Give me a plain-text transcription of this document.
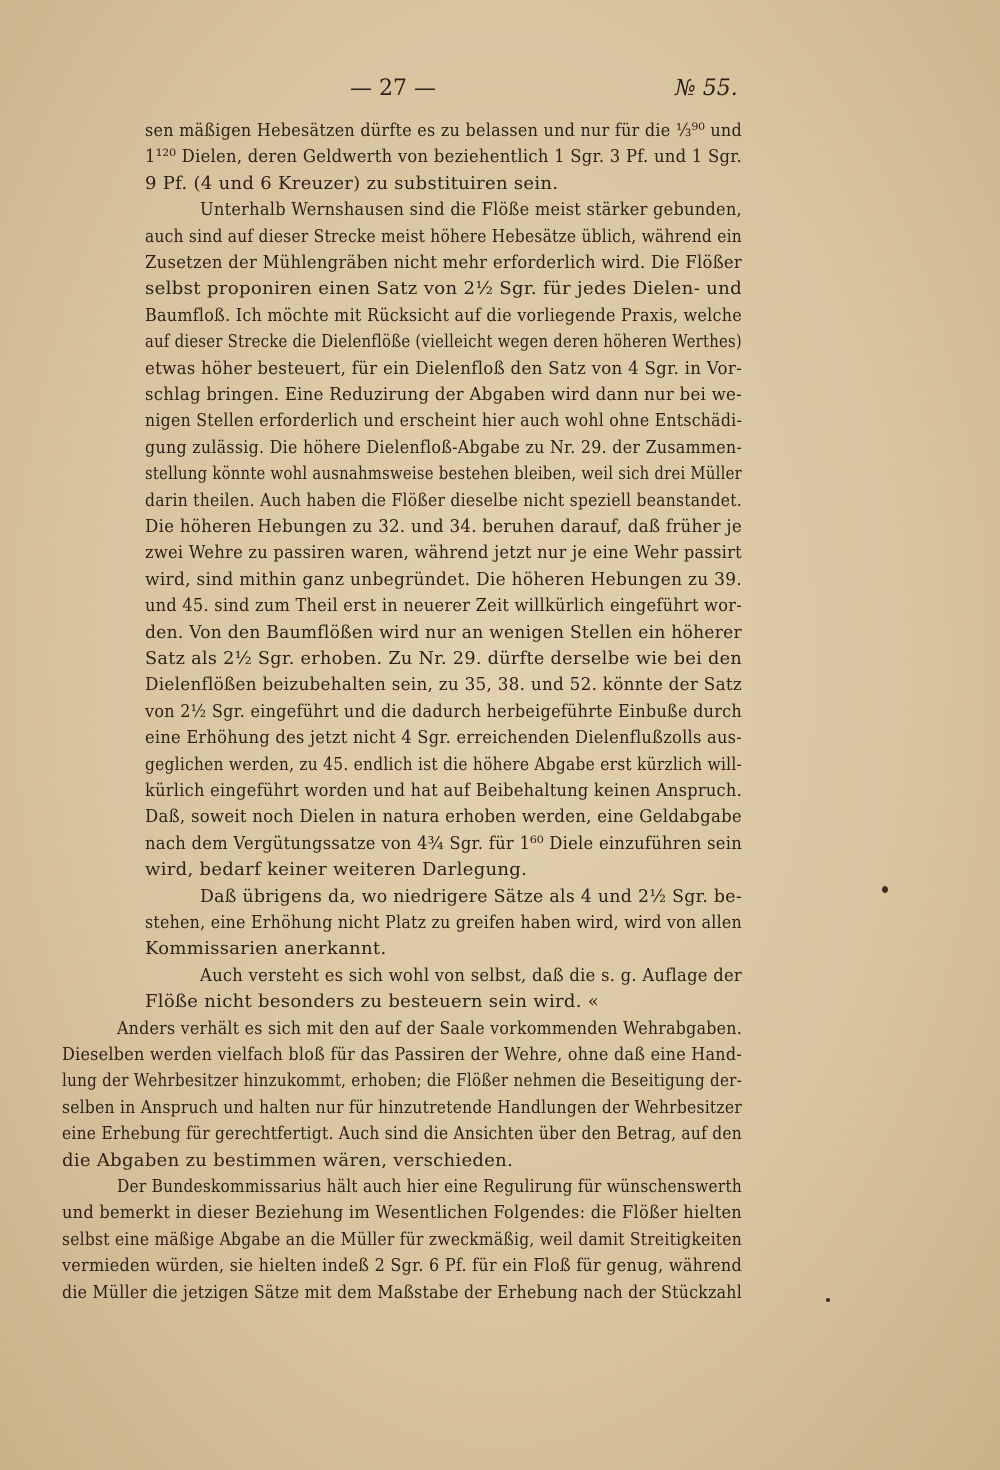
— 27 —	№ 55.
sen mäßigen Hebesätzen dürfte es zu belassen und nur für die ⅓⁹⁰ und
1¹²⁰ Dielen, deren Geldwerth von beziehentlich 1 Sgr. 3 Pf. und 1 Sgr.
9 Pf. (4 und 6 Kreuzer) zu substituiren sein.
Unterhalb Wernshausen sind die Flöße meist stärker gebunden,
auch sind auf dieser Strecke meist höhere Hebesätze üblich, während ein
Zusetzen der Mühlengräben nicht mehr erforderlich wird. Die Flößer
selbst proponiren einen Satz von 2½ Sgr. für jedes Dielen- und
Baumfloß. Ich möchte mit Rücksicht auf die vorliegende Praxis, welche
auf dieser Strecke die Dielenflöße (vielleicht wegen deren höheren Werthes)
etwas höher besteuert, für ein Dielenfloß den Satz von 4 Sgr. in Vor-
schlag bringen. Eine Reduzirung der Abgaben wird dann nur bei we-
nigen Stellen erforderlich und erscheint hier auch wohl ohne Entschädi-
gung zulässig. Die höhere Dielenfloß-Abgabe zu Nr. 29. der Zusammen-
stellung könnte wohl ausnahmsweise bestehen bleiben, weil sich drei Müller
darin theilen. Auch haben die Flößer dieselbe nicht speziell beanstandet.
Die höheren Hebungen zu 32. und 34. beruhen darauf, daß früher je
zwei Wehre zu passiren waren, während jetzt nur je eine Wehr passirt
wird, sind mithin ganz unbegründet. Die höheren Hebungen zu 39.
und 45. sind zum Theil erst in neuerer Zeit willkürlich eingeführt wor-
den. Von den Baumflößen wird nur an wenigen Stellen ein höherer
Satz als 2½ Sgr. erhoben. Zu Nr. 29. dürfte derselbe wie bei den
Dielenflößen beizubehalten sein, zu 35, 38. und 52. könnte der Satz
von 2½ Sgr. eingeführt und die dadurch herbeigeführte Einbuße durch
eine Erhöhung des jetzt nicht 4 Sgr. erreichenden Dielenflußzolls aus-
geglichen werden, zu 45. endlich ist die höhere Abgabe erst kürzlich will-
kürlich eingeführt worden und hat auf Beibehaltung keinen Anspruch.
Daß, soweit noch Dielen in natura erhoben werden, eine Geldabgabe
nach dem Vergütungssatze von 4¾ Sgr. für 1⁶⁰ Diele einzuführen sein
wird, bedarf keiner weiteren Darlegung.
Daß übrigens da, wo niedrigere Sätze als 4 und 2½ Sgr. be-
stehen, eine Erhöhung nicht Platz zu greifen haben wird, wird von allen
Kommissarien anerkannt.
Auch versteht es sich wohl von selbst, daß die s. g. Auflage der
Flöße nicht besonders zu besteuern sein wird. «
Anders verhält es sich mit den auf der Saale vorkommenden Wehrabgaben.
Dieselben werden vielfach bloß für das Passiren der Wehre, ohne daß eine Hand-
lung der Wehrbesitzer hinzukommt, erhoben; die Flößer nehmen die Beseitigung der-
selben in Anspruch und halten nur für hinzutretende Handlungen der Wehrbesitzer
eine Erhebung für gerechtfertigt. Auch sind die Ansichten über den Betrag, auf den
die Abgaben zu bestimmen wären, verschieden.
Der Bundeskommissarius hält auch hier eine Regulirung für wünschenswerth
und bemerkt in dieser Beziehung im Wesentlichen Folgendes: die Flößer hielten
selbst eine mäßige Abgabe an die Müller für zweckmäßig, weil damit Streitigkeiten
vermieden würden, sie hielten indeß 2 Sgr. 6 Pf. für ein Floß für genug, während
die Müller die jetzigen Sätze mit dem Maßstabe der Erhebung nach der Stückzahl
